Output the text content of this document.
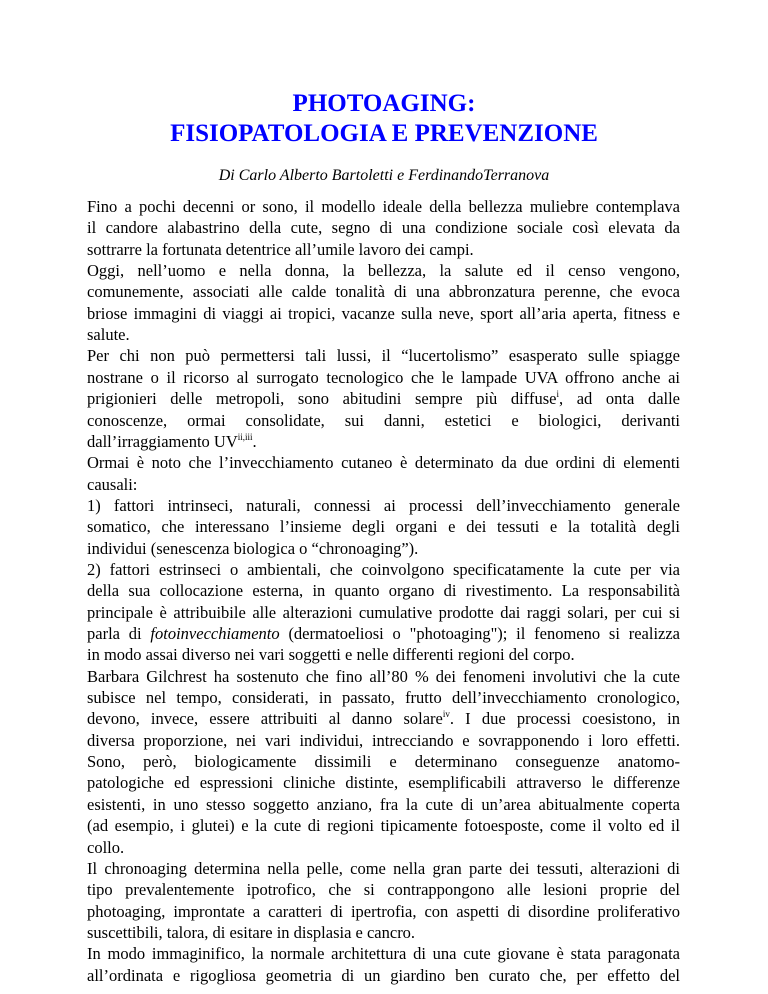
PHOTOAGING:
FISIOPATOLOGIA E PREVENZIONE
Di Carlo Alberto Bartoletti e FerdinandoTerranova
Fino a pochi decenni or sono, il modello ideale della bellezza muliebre contemplava
il candore alabastrino della cute, segno di una condizione sociale così elevata da
sottrarre la fortunata detentrice all’umile lavoro dei campi.
Oggi, nell’uomo e nella donna, la bellezza, la salute ed il censo vengono,
comunemente, associati alle calde tonalità di una abbronzatura perenne, che evoca
briose immagini di viaggi ai tropici, vacanze sulla neve, sport all’aria aperta, fitness e
salute.
Per chi non può permettersi tali lussi, il “lucertolismo” esasperato sulle spiagge
nostrane o il ricorso al surrogato tecnologico che le lampade UVA offrono anche ai
prigionieri delle metropoli, sono abitudini sempre più diffuse$^i$, ad onta dalle
conoscenze, ormai consolidate, sui danni, estetici e biologici, derivanti
dall’irraggiamento $UV^{ii,iii}$.
Ormai è noto che l’invecchiamento cutaneo è determinato da due ordini di elementi
causali:
1) fattori intrinseci, naturali, connessi ai processi dell’invecchiamento generale
somatico, che interessano l’insieme degli organi e dei tessuti e la totalità degli
individui (senescenza biologica o “chronoaging”).
2) fattori estrinseci o ambientali, che coinvolgono specificatamente la cute per via
della sua collocazione esterna, in quanto organo di rivestimento. La responsabilità
principale è attribuibile alle alterazioni cumulative prodotte dai raggi solari, per cui si
parla di fotoinvecchiamento (dermatoeliosi o "photoaging"); il fenomeno si realizza
in modo assai diverso nei vari soggetti e nelle differenti regioni del corpo.
Barbara Gilchrest ha sostenuto che fino all’80 % dei fenomeni involutivi che la cute
subisce nel tempo, considerati, in passato, frutto dell’invecchiamento cronologico,
devono, invece, essere attribuiti al danno solare$^{iv}$. I due processi coesistono, in
diversa proporzione, nei vari individui, intrecciando e sovrapponendo i loro effetti.
Sono, però, biologicamente dissimili e determinano conseguenze anatomo-
patologiche ed espressioni cliniche distinte, esemplificabili attraverso le differenze
esistenti, in uno stesso soggetto anziano, fra la cute di un’area abitualmente coperta
(ad esempio, i glutei) e la cute di regioni tipicamente fotoesposte, come il volto ed il
collo.
Il chronoaging determina nella pelle, come nella gran parte dei tessuti, alterazioni di
tipo prevalentemente ipotrofico, che si contrappongono alle lesioni proprie del
photoaging, improntate a caratteri di ipertrofia, con aspetti di disordine proliferativo
suscettibili, talora, di esitare in displasia e cancro.
In modo immaginifico, la normale architettura di una cute giovane è stata paragonata
all’ordinata e rigogliosa geometria di un giardino ben curato che, per effetto del
